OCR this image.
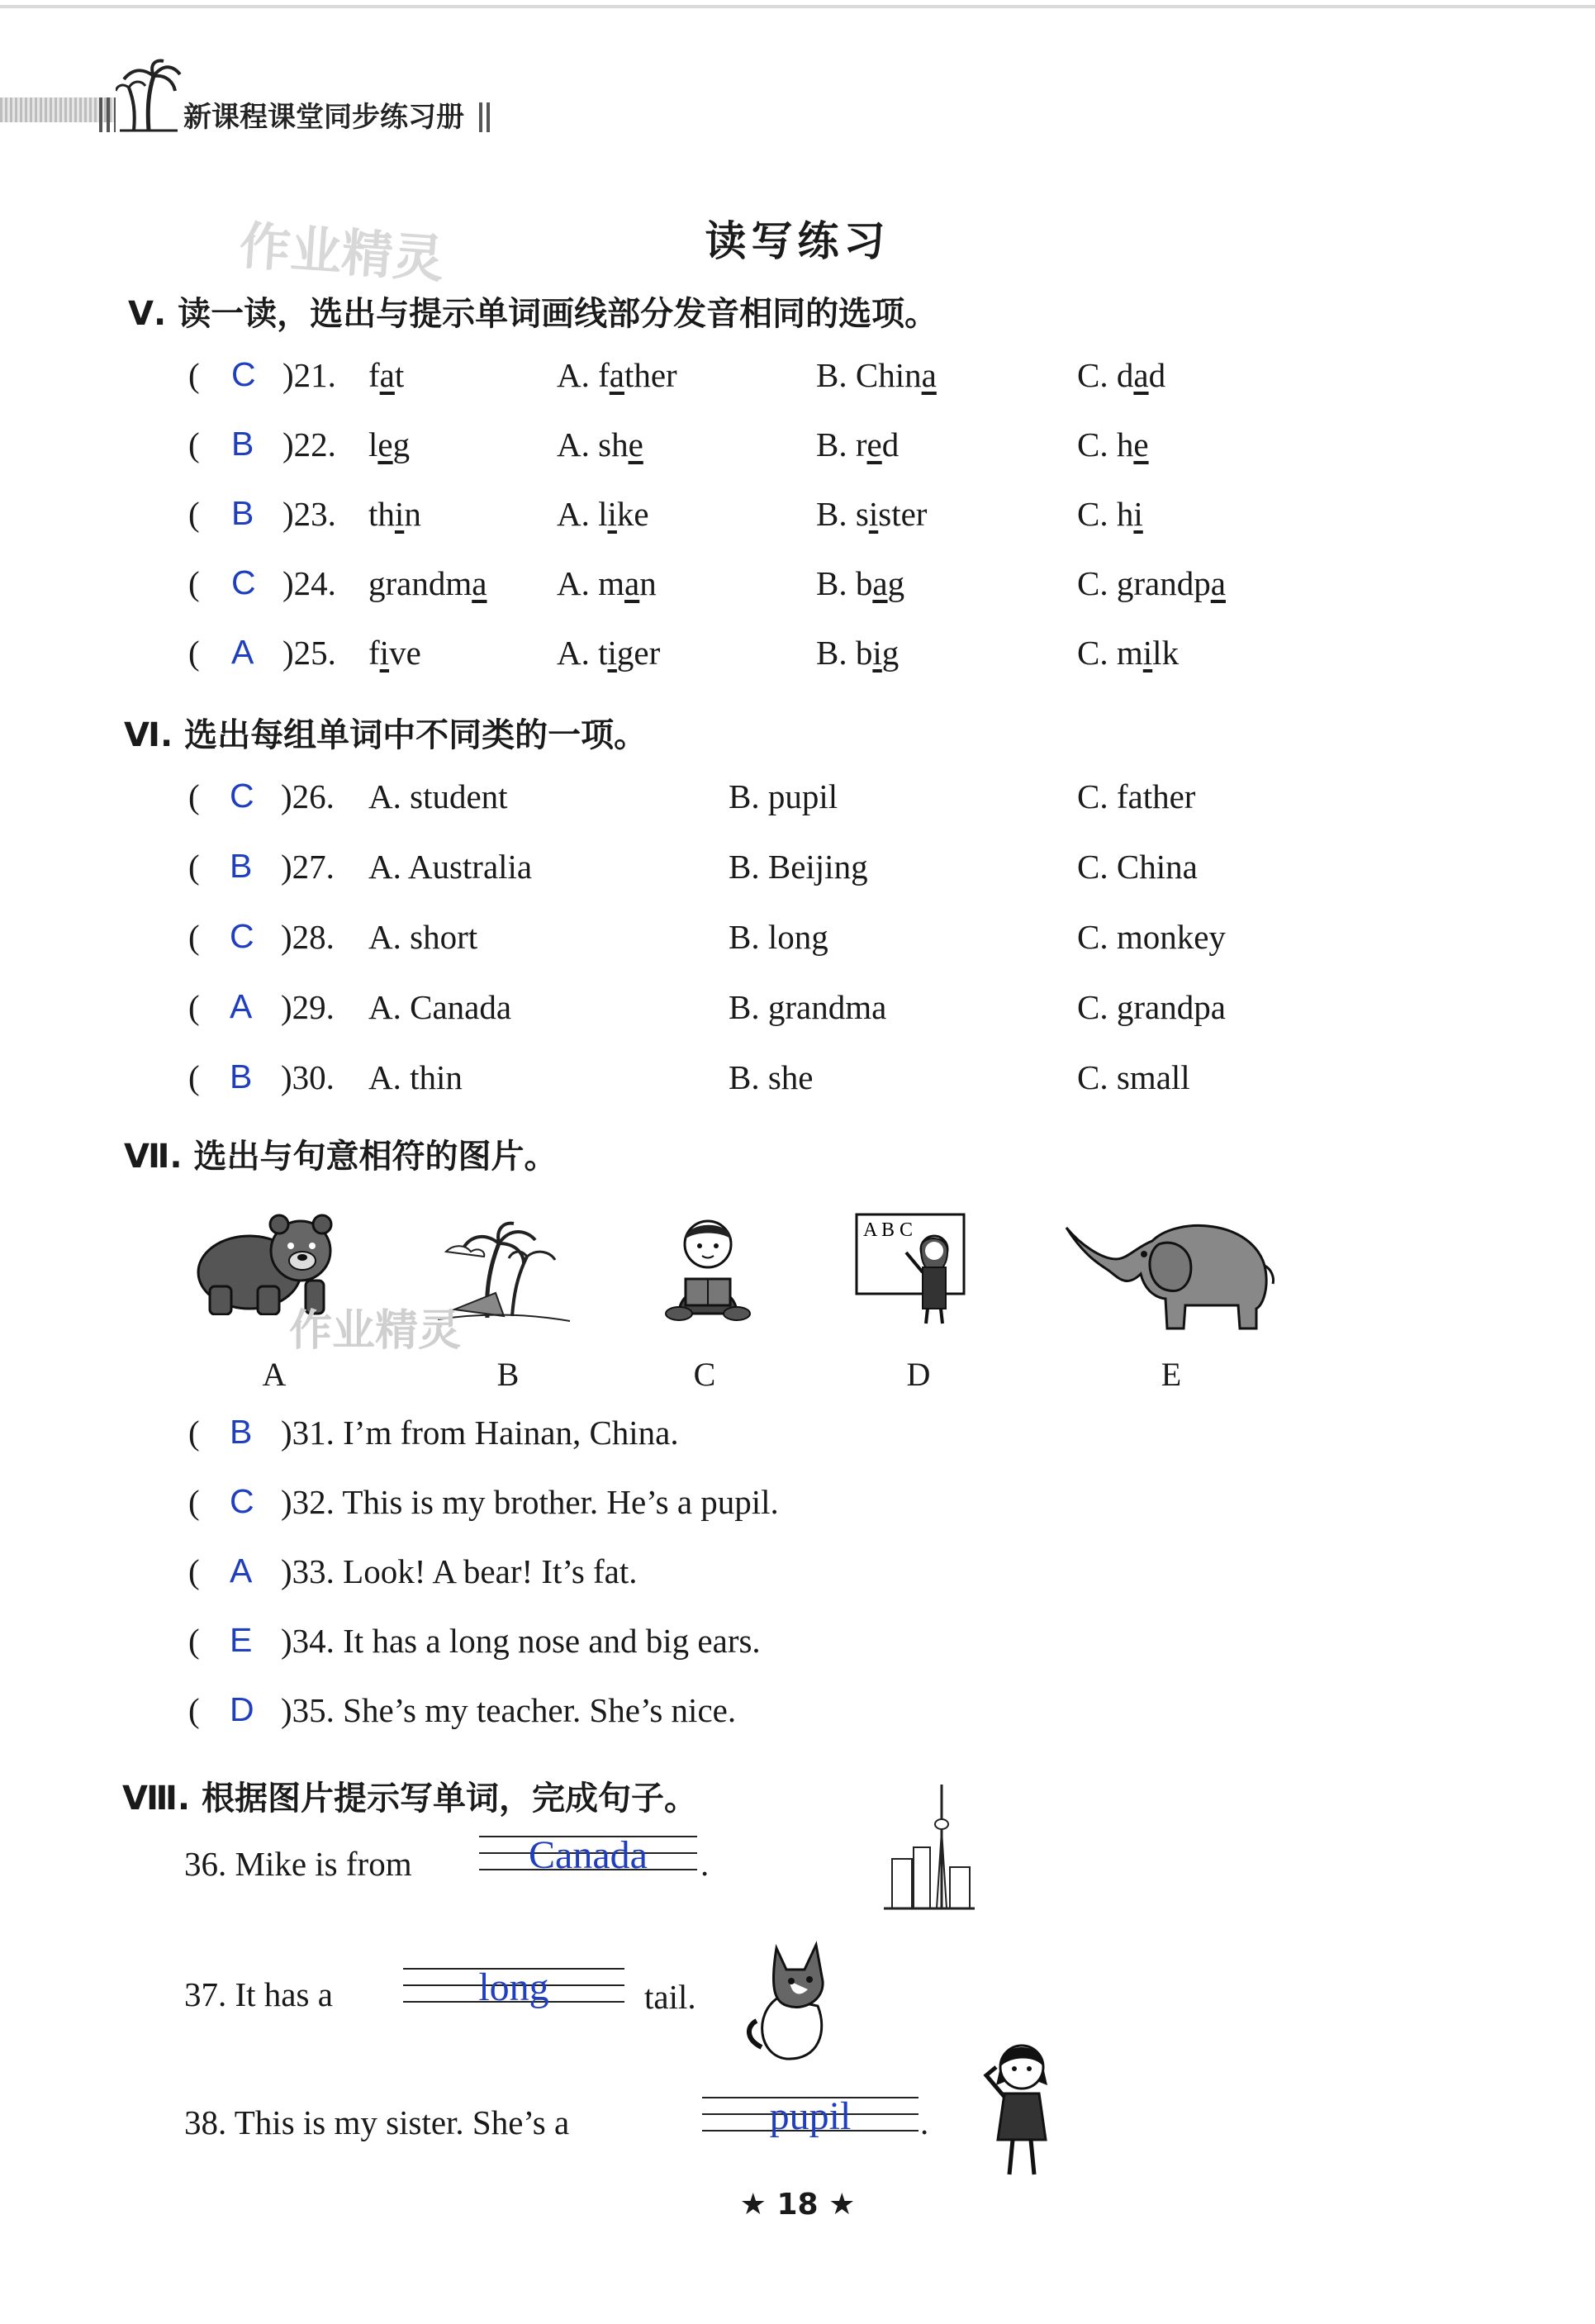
新课程课堂同步练习册
作业精灵	读写练习
Ⅴ. 读一读，选出与提示单词画线部分发音相同的选项。
( C )21. fat	A. father	B. China	C. dad
( B )22. leg	A. she	B. red	C. he
( B )23. thin	A. like	B. sister	C. hi
( C )24. grandma A. man	B. bag	C. grandpa
( A )25. five	A. tiger	B. big	C. milk
Ⅵ. 选出每组单词中不同类的一项。
( C )26. A. student	B. pupil	C. father
( B )27. A. Australia	B. Beijing	C. China
( C )28. A. short	B. long	C. monkey
( A )29. A. Canada	B. grandma	C. grandpa
( B )30. A. thin	B. she	C. small
Ⅶ. 选出与句意相符的图片。
A B C
A	B	C	D	E
作业精灵
( B )31. I’m from Hainan, China.
( C )32. This is my brother. He’s a pupil.
( A )33. Look! A bear! It’s fat.
( E )34. It has a long nose and big ears.
( D )35. She’s my teacher. She’s nice.
Ⅷ. 根据图片提示写单词，完成句子。
36. Mike is from	Canada	.
37. It has a	long	tail.
38. This is my sister. She’s a	pupil	.
★ 18 ★
